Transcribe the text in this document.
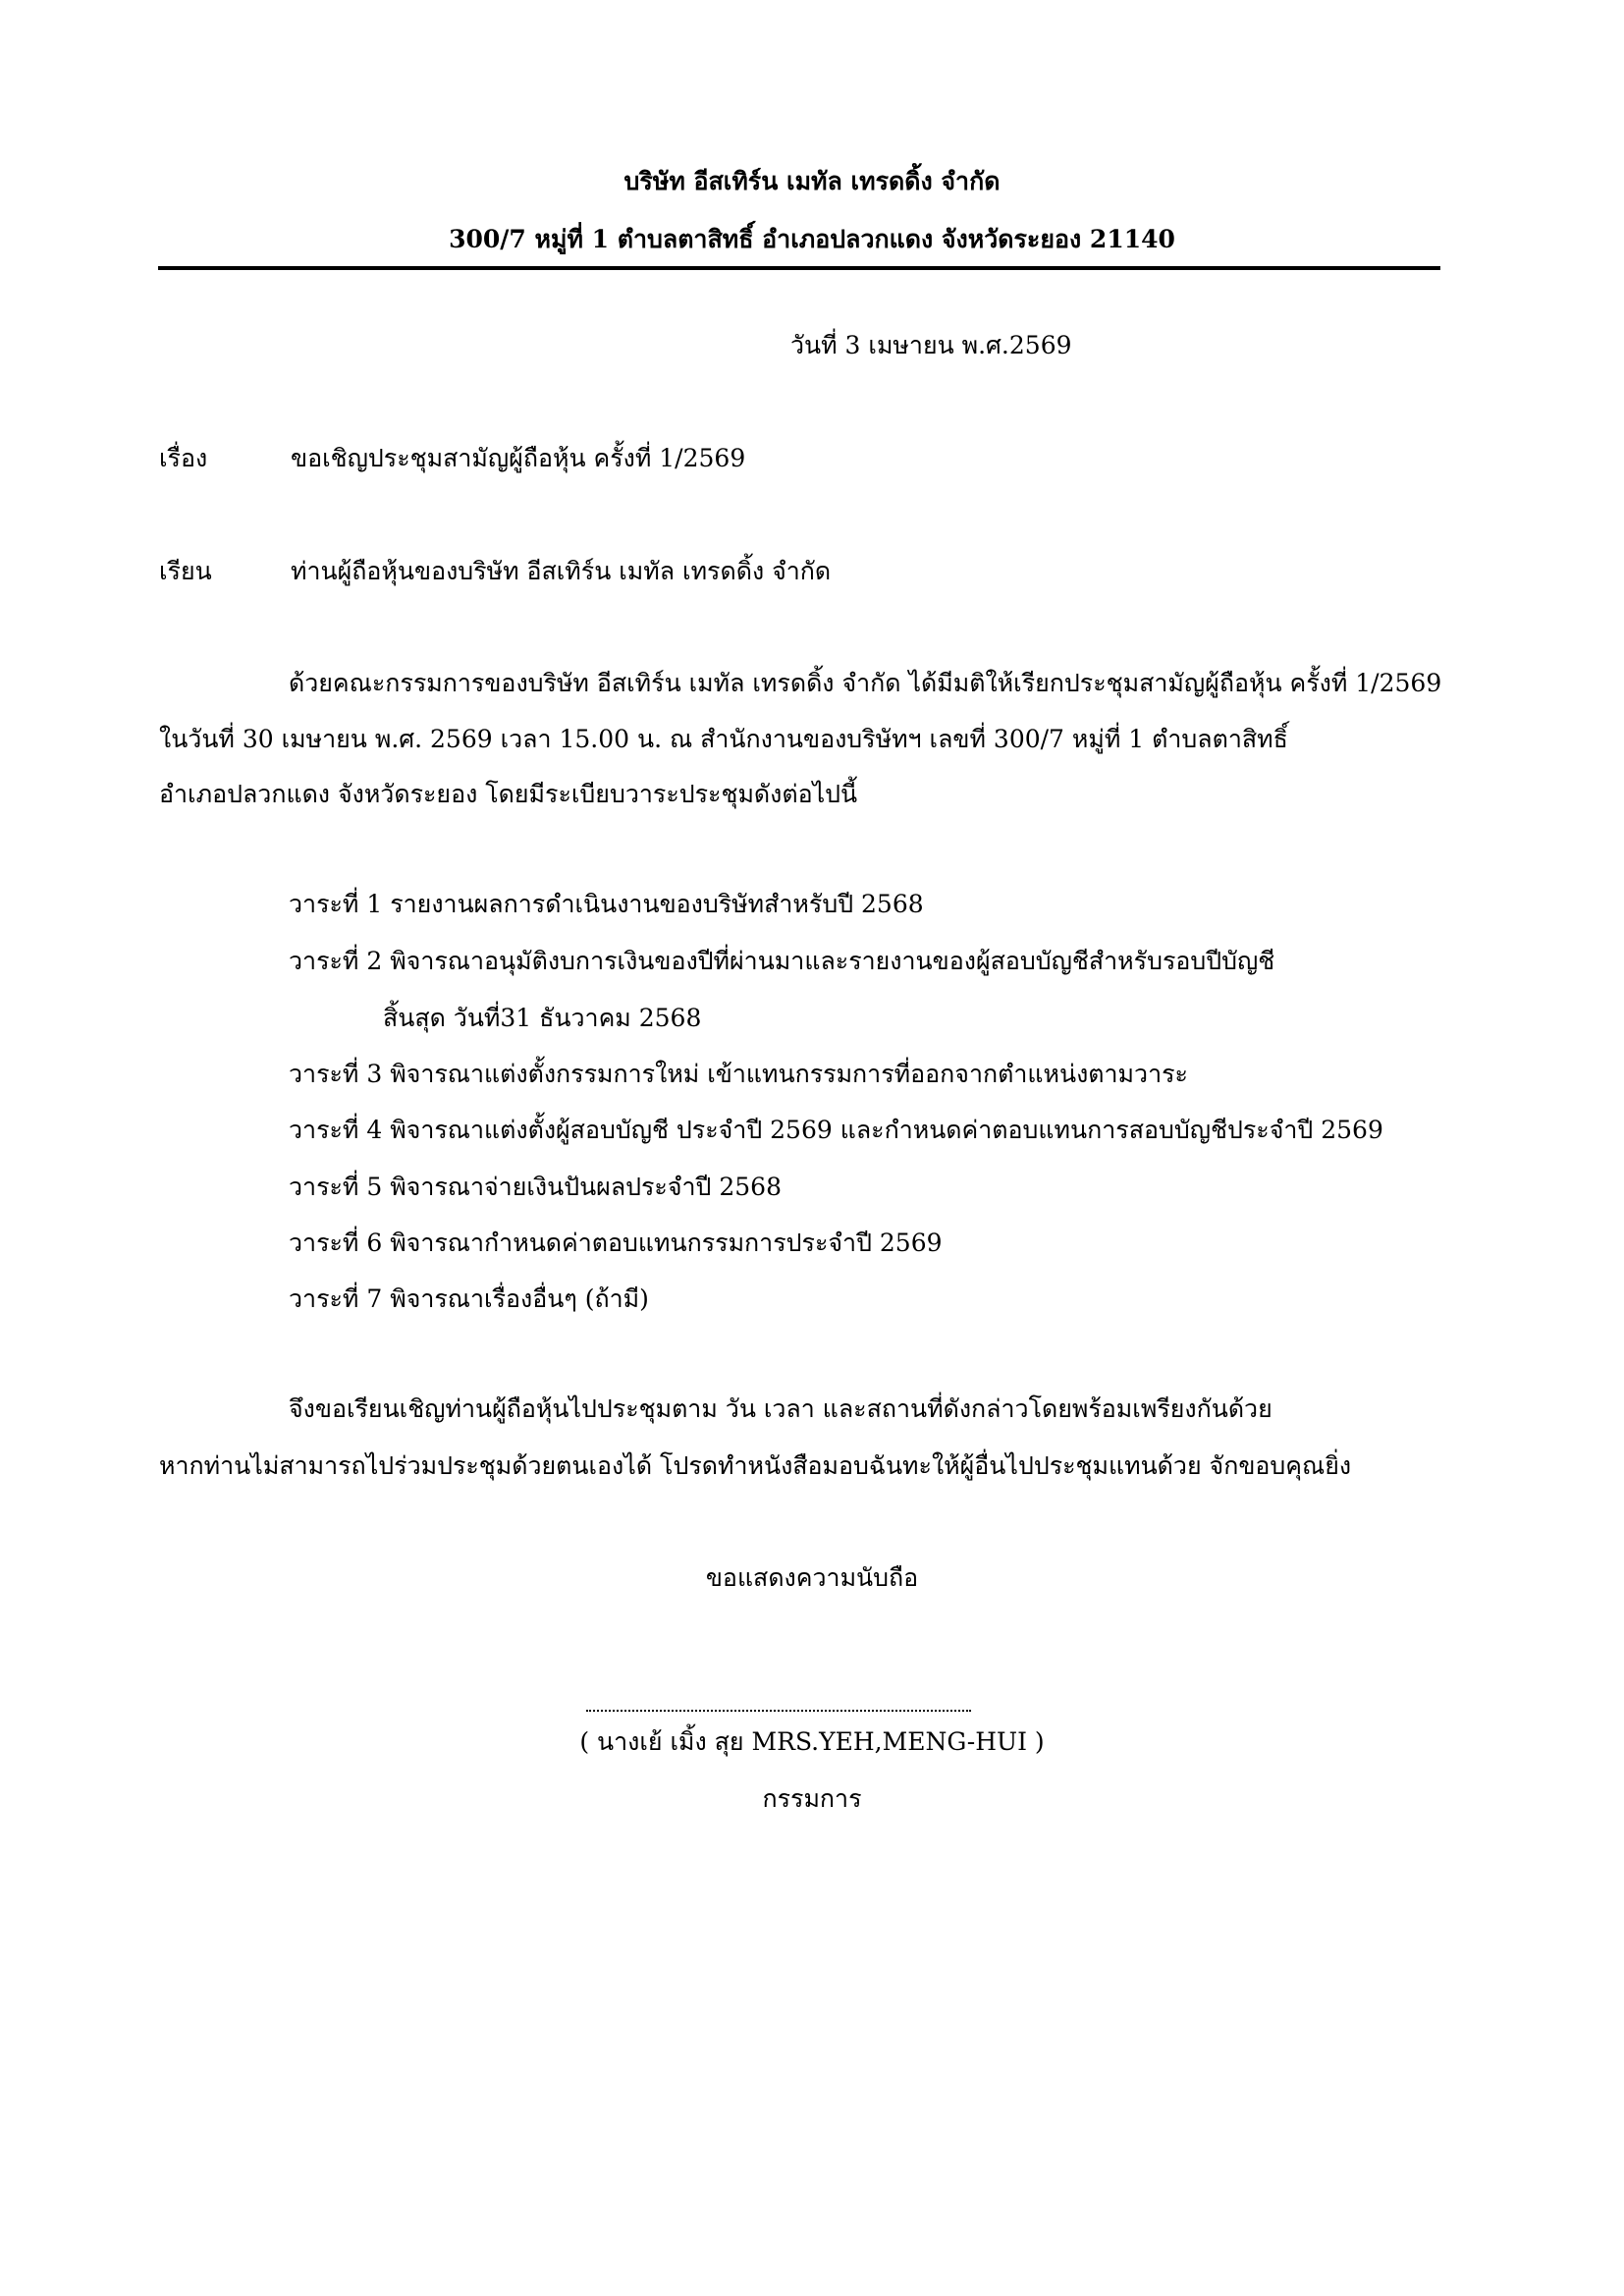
บริษัท อีสเทิร์น เมทัล เทรดดิ้ง จำกัด
300/7 หมู่ที่ 1 ตำบลตาสิทธิ์ อำเภอปลวกแดง จังหวัดระยอง 21140
วันที่ 3 เมษายน พ.ศ.2569
เรื่อง	ขอเชิญประชุมสามัญผู้ถือหุ้น ครั้งที่ 1/2569
เรียน	ท่านผู้ถือหุ้นของบริษัท อีสเทิร์น เมทัล เทรดดิ้ง จำกัด
ด้วยคณะกรรมการของบริษัท อีสเทิร์น เมทัล เทรดดิ้ง จำกัด ได้มีมติให้เรียกประชุมสามัญผู้ถือหุ้น ครั้งที่ 1/2569
ในวันที่ 30 เมษายน พ.ศ. 2569 เวลา 15.00 น. ณ สำนักงานของบริษัทฯ เลขที่ 300/7 หมู่ที่ 1 ตำบลตาสิทธิ์
อำเภอปลวกแดง จังหวัดระยอง โดยมีระเบียบวาระประชุมดังต่อไปนี้
วาระที่ 1 รายงานผลการดำเนินงานของบริษัทสำหรับปี 2568
วาระที่ 2 พิจารณาอนุมัติงบการเงินของปีที่ผ่านมาและรายงานของผู้สอบบัญชีสำหรับรอบปีบัญชี
สิ้นสุด วันที่31 ธันวาคม 2568
วาระที่ 3 พิจารณาแต่งตั้งกรรมการใหม่ เข้าแทนกรรมการที่ออกจากตำแหน่งตามวาระ
วาระที่ 4 พิจารณาแต่งตั้งผู้สอบบัญชี ประจำปี 2569 และกำหนดค่าตอบแทนการสอบบัญชีประจำปี 2569
วาระที่ 5 พิจารณาจ่ายเงินปันผลประจำปี 2568
วาระที่ 6 พิจารณากำหนดค่าตอบแทนกรรมการประจำปี 2569
วาระที่ 7 พิจารณาเรื่องอื่นๆ (ถ้ามี)
จึงขอเรียนเชิญท่านผู้ถือหุ้นไปประชุมตาม วัน เวลา และสถานที่ดังกล่าวโดยพร้อมเพรียงกันด้วย
หากท่านไม่สามารถไปร่วมประชุมด้วยตนเองได้ โปรดทำหนังสือมอบฉันทะให้ผู้อื่นไปประชุมแทนด้วย จักขอบคุณยิ่ง
ขอแสดงความนับถือ
( นางเย้ เมิ้ง สุย MRS.YEH,MENG-HUI )
กรรมการ
